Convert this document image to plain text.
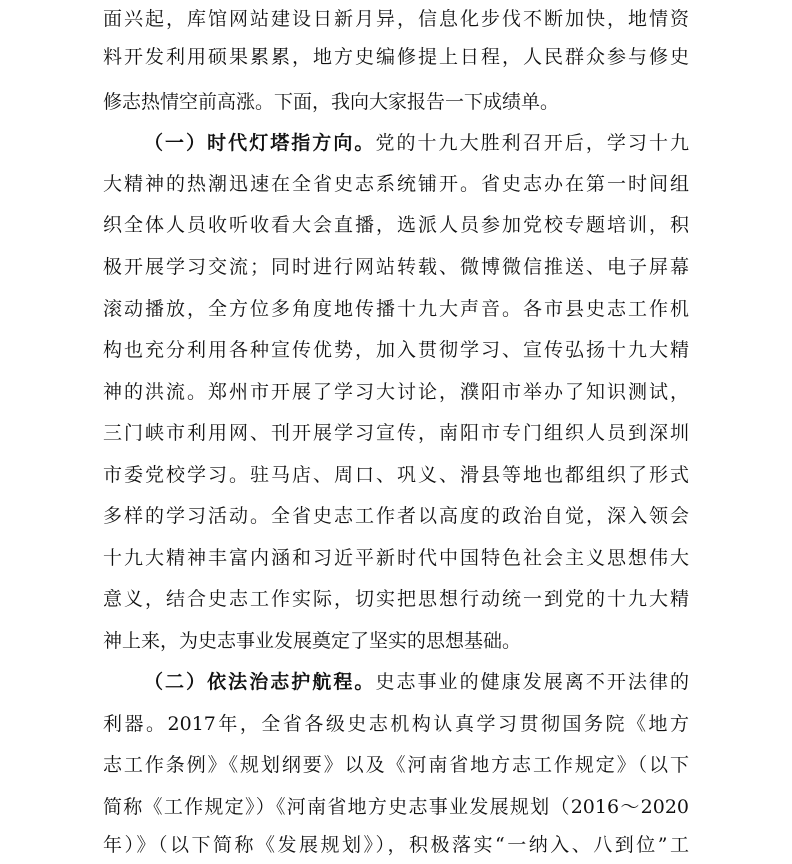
面兴起，库馆网站建设日新月异，信息化步伐不断加快，地情资
料开发利用硕果累累，地方史编修提上日程，人民群众参与修史
修志热情空前高涨。下面，我向大家报告一下成绩单。
（一）时代灯塔指方向。党的十九大胜利召开后，学习十九
大精神的热潮迅速在全省史志系统铺开。省史志办在第一时间组
织全体人员收听收看大会直播，选派人员参加党校专题培训，积
极开展学习交流；同时进行网站转载、微博微信推送、电子屏幕
滚动播放，全方位多角度地传播十九大声音。各市县史志工作机
构也充分利用各种宣传优势，加入贯彻学习、宣传弘扬十九大精
神的洪流。郑州市开展了学习大讨论，濮阳市举办了知识测试，
三门峡市利用网、刊开展学习宣传，南阳市专门组织人员到深圳
市委党校学习。驻马店、周口、巩义、滑县等地也都组织了形式
多样的学习活动。全省史志工作者以高度的政治自觉，深入领会
十九大精神丰富内涵和习近平新时代中国特色社会主义思想伟大
意义，结合史志工作实际，切实把思想行动统一到党的十九大精
神上来，为史志事业发展奠定了坚实的思想基础。
（二）依法治志护航程。史志事业的健康发展离不开法律的
利器。2017年，全省各级史志机构认真学习贯彻国务院《地方
志工作条例》《规划纲要》以及《河南省地方志工作规定》（以下
简称《工作规定》）《河南省地方史志事业发展规划（2016～2020
年）》（以下简称《发展规划》），积极落实“一纳入、八到位”工
